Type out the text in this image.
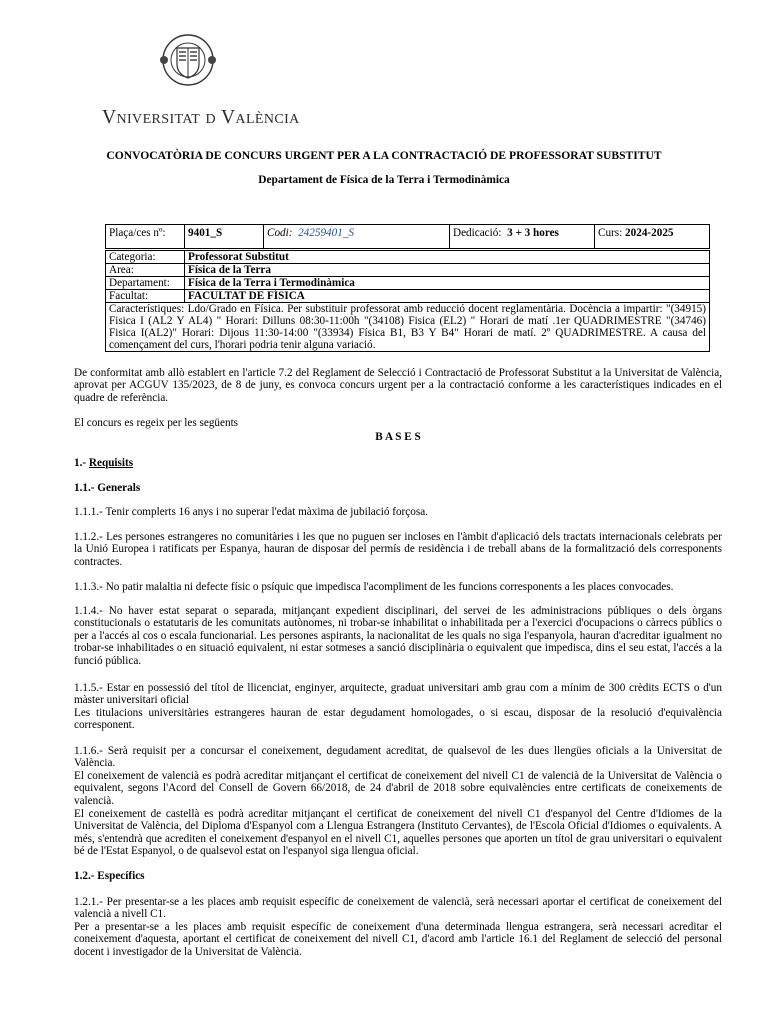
Vniversitat d València
CONVOCATÒRIA DE CONCURS URGENT PER A LA CONTRACTACIÓ DE PROFESSORAT SUBSTITUT
Departament de Física de la Terra i Termodinàmica
Plaça/ces nº:	9401_S	Codi: 24259401_S	Dedicació: 3 + 3 hores	Curs: 2024-2025
Categoria:	Professorat Substitut
Area:	Física de la Terra
Departament:	Física de la Terra i Termodinàmica
Facultat:	FACULTAT DE FÍSICA
Característiques: Ldo/Grado en Física. Per substituir professorat amb reducció docent reglamentària. Docència a impartir: "(34915) Fisica I (AL2 Y AL4) " Horari: Dilluns 08:30-11:00h "(34108) Fisica (EL2) " Horari de matí .1er QUADRIMESTRE "(34746) Fisica I(AL2)" Horari: Dijous 11:30-14:00 "(33934) Física B1, B3 Y B4" Horari de matí. 2º QUADRIMESTRE. A causa del començament del curs, l'horari podria tenir alguna variació.	
De conformitat amb allò establert en l'article 7.2 del Reglament de Selecció i Contractació de Professorat Substitut a la Universitat de València, aprovat per ACGUV 135/2023, de 8 de juny, es convoca concurs urgent per a la contractació conforme a les característiques indicades en el quadre de referència.
El concurs es regeix per les següents
B A S E S
1.- Requisits
1.1.- Generals
1.1.1.- Tenir complerts 16 anys i no superar l'edat màxima de jubilació forçosa.
1.1.2.- Les persones estrangeres no comunitàries i les que no puguen ser incloses en l'àmbit d'aplicació dels tractats internacionals celebrats per la Unió Europea i ratificats per Espanya, hauran de disposar del permís de residència i de treball abans de la formalització dels corresponents contractes.
1.1.3.- No patir malaltia ni defecte físic o psíquic que impedisca l'acompliment de les funcions corresponents a les places convocades.
1.1.4.- No haver estat separat o separada, mitjançant expedient disciplinari, del servei de les administracions públiques o dels òrgans constitucionals o estatutaris de les comunitats autònomes, ni trobar-se inhabilitat o inhabilitada per a l'exercici d'ocupacions o càrrecs públics o per a l'accés al cos o escala funcionarial. Les persones aspirants, la nacionalitat de les quals no siga l'espanyola, hauran d'acreditar igualment no trobar-se inhabilitades o en situació equivalent, ni estar sotmeses a sanció disciplinària o equivalent que impedisca, dins el seu estat, l'accés a la funció pública.
1.1.5.- Estar en possessió del títol de llicenciat, enginyer, arquitecte, graduat universitari amb grau com a mínim de 300 crèdits ECTS o d'un màster universitari oficial
Les titulacions universitàries estrangeres hauran de estar degudament homologades, o si escau, disposar de la resolució d'equivalència corresponent.
1.1.6.- Serà requisit per a concursar el coneixement, degudament acreditat, de qualsevol de les dues llengües oficials a la Universitat de València.
El coneixement de valencià es podrà acreditar mitjançant el certificat de coneixement del nivell C1 de valencià de la Universitat de València o equivalent, segons l'Acord del Consell de Govern 66/2018, de 24 d'abril de 2018 sobre equivalències entre certificats de coneixements de valencià.
El coneixement de castellà es podrà acreditar mitjançant el certificat de coneixement del nivell C1 d'espanyol del Centre d'Idiomes de la Universitat de València, del Diploma d'Espanyol com a Llengua Estrangera (Instituto Cervantes), de l'Escola Oficial d'Idiomes o equivalents. A més, s'entendrà que acrediten el coneixement d'espanyol en el nivell C1, aquelles persones que aporten un títol de grau universitari o equivalent bé de l'Estat Espanyol, o de qualsevol estat on l'espanyol siga llengua oficial.
1.2.- Específics
1.2.1.- Per presentar-se a les places amb requisit específic de coneixement de valencià, serà necessari aportar el certificat de coneixement del valencià a nivell C1.
Per a presentar-se a les places amb requisit específic de coneixement d'una determinada llengua estrangera, serà necessari acreditar el coneixement d'aquesta, aportant el certificat de coneixement del nivell C1, d'acord amb l'article 16.1 del Reglament de selecció del personal docent i investigador de la Universitat de València.
